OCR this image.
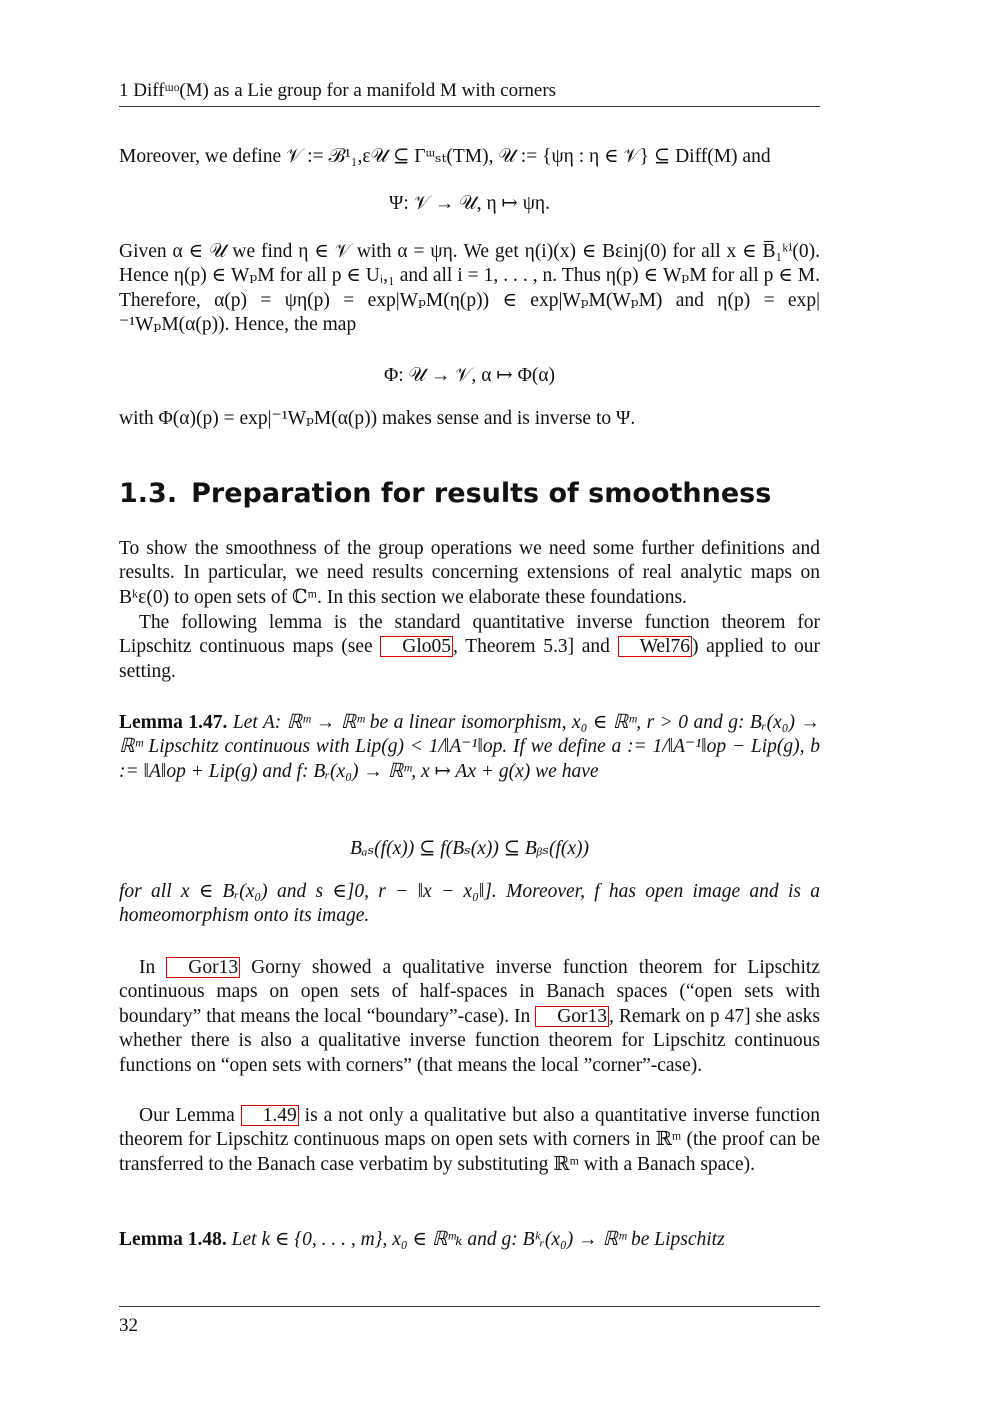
1 Diffᵚᵒ(M) as a Lie group for a manifold M with corners
Moreover, we define 𝒱 := ℬ¹₁,ε𝒰 ⊆ Γᵚₛₜ(TM), 𝒰 := {ψη : η ∈ 𝒱} ⊆ Diff(M) and
Ψ: 𝒱 → 𝒰, η ↦ ψη.
Given α ∈ 𝒰 we find η ∈ 𝒱 with α = ψη. We get η(i)(x) ∈ Bεinj(0) for all x ∈ B̅₁ᵏⁱ(0). Hence η(p) ∈ WₚM for all p ∈ Uᵢ,₁ and all i = 1, . . . , n. Thus η(p) ∈ WₚM for all p ∈ M. Therefore, α(p) = ψη(p) = exp|WₚM(η(p)) ∈ exp|WₚM(WₚM) and η(p) = exp|⁻¹WₚM(α(p)). Hence, the map
Φ: 𝒰 → 𝒱, α ↦ Φ(α)
with Φ(α)(p) = exp|⁻¹WₚM(α(p)) makes sense and is inverse to Ψ.
1.3. Preparation for results of smoothness
To show the smoothness of the group operations we need some further definitions and results. In particular, we need results concerning extensions of real analytic maps on Bᵏε(0) to open sets of ℂᵐ. In this section we elaborate these foundations.
The following lemma is the standard quantitative inverse function theorem for Lipschitz continuous maps (see Glo05 , Theorem 5.3] and Wel76 ) applied to our setting.
Lemma 1.47. Let A: ℝᵐ → ℝᵐ be a linear isomorphism, x₀ ∈ ℝᵐ, r > 0 and g: Bᵣ(x₀) → ℝᵐ Lipschitz continuous with Lip(g) < 1/‖A⁻¹‖op. If we define a := 1/‖A⁻¹‖op − Lip(g), b := ‖A‖op + Lip(g) and f: Bᵣ(x₀) → ℝᵐ, x ↦ Ax + g(x) we have
Bₐₛ(f(x)) ⊆ f(Bₛ(x)) ⊆ Bᵦₛ(f(x))
for all x ∈ Bᵣ(x₀) and s ∈]0, r − ‖x − x₀‖]. Moreover, f has open image and is a homeomorphism onto its image.
In Gor13 Gorny showed a qualitative inverse function theorem for Lipschitz continuous maps on open sets of half-spaces in Banach spaces (“open sets with boundary” that means the local “boundary”-case). In Gor13 , Remark on p 47] she asks whether there is also a qualitative inverse function theorem for Lipschitz continuous functions on “open sets with corners” (that means the local ”corner”-case).
Our Lemma 1.49 is a not only a qualitative but also a quantitative inverse function theorem for Lipschitz continuous maps on open sets with corners in ℝᵐ (the proof can be transferred to the Banach case verbatim by substituting ℝᵐ with a Banach space).
Lemma 1.48. Let k ∈ {0, . . . , m}, x₀ ∈ ℝᵐₖ and g: Bᵏᵣ(x₀) → ℝᵐ be Lipschitz
32
